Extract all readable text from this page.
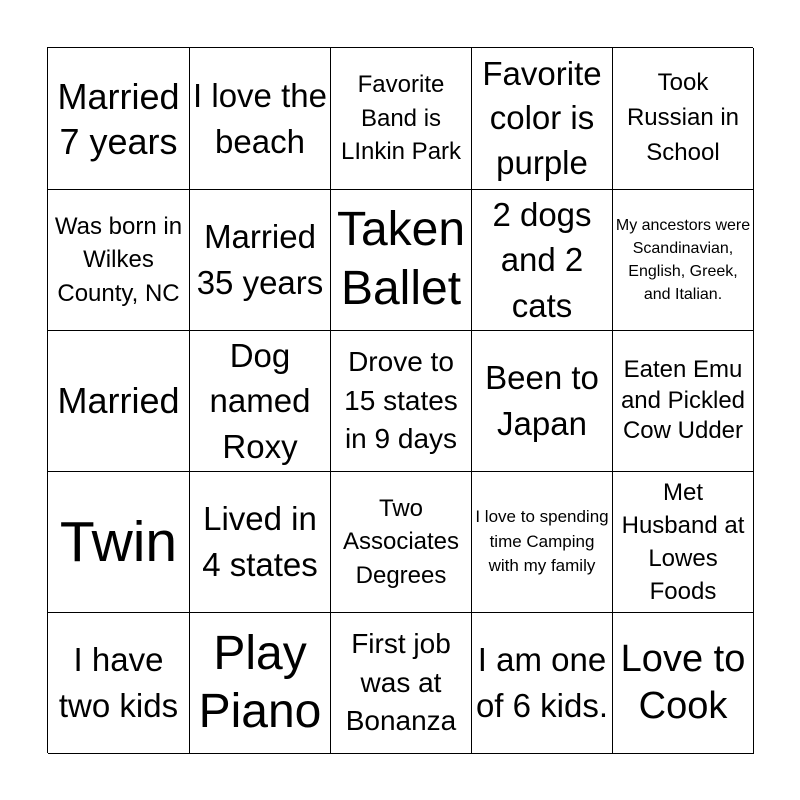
Married 7 years
I love the beach
Favorite Band is LInkin Park
Favorite color is purple
Took Russian in School
Was born in Wilkes County, NC
Married 35 years
Taken Ballet
2 dogs and 2 cats
My ancestors were Scandinavian, English, Greek, and Italian.
Married
Dog named Roxy
Drove to 15 states in 9 days
Been to Japan
Eaten Emu and Pickled Cow Udder
Twin Lived in 4 states
Two Associates Degrees
I love to spending time Camping with my family
Met Husband at Lowes Foods
I have two kids
Play Piano
First job was at Bonanza
I am one of 6 kids.
Love to Cook
